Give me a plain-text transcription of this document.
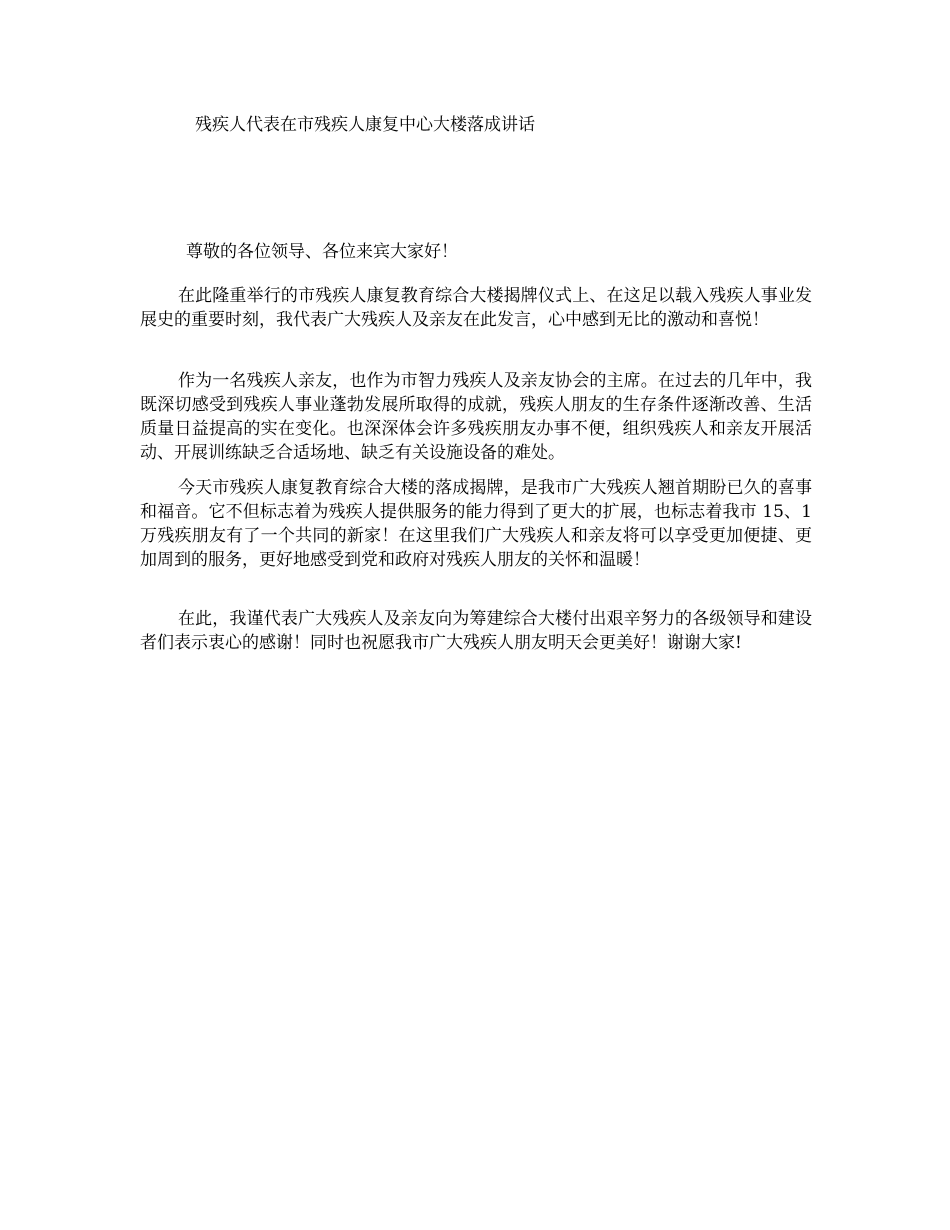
残疾人代表在市残疾人康复中心大楼落成讲话
尊敬的各位领导、各位来宾大家好！

在此隆重举行的市残疾人康复教育综合大楼揭牌仪式上、在这足以载入残疾人事业发展史的重要时刻，我代表广大残疾人及亲友在此发言，心中感到无比的激动和喜悦！

作为一名残疾人亲友，也作为市智力残疾人及亲友协会的主席。在过去的几年中，我既深切感受到残疾人事业蓬勃发展所取得的成就，残疾人朋友的生存条件逐渐改善、生活质量日益提高的实在变化。也深深体会许多残疾朋友办事不便，组织残疾人和亲友开展活动、开展训练缺乏合适场地、缺乏有关设施设备的难处。

今天市残疾人康复教育综合大楼的落成揭牌，是我市广大残疾人翘首期盼已久的喜事和福音。它不但标志着为残疾人提供服务的能力得到了更大的扩展，也标志着我市 15、1 万残疾朋友有了一个共同的新家！在这里我们广大残疾人和亲友将可以享受更加便捷、更加周到的服务，更好地感受到党和政府对残疾人朋友的关怀和温暖！

在此，我谨代表广大残疾人及亲友向为筹建综合大楼付出艰辛努力的各级领导和建设者们表示衷心的感谢！同时也祝愿我市广大残疾人朋友明天会更美好！谢谢大家!
